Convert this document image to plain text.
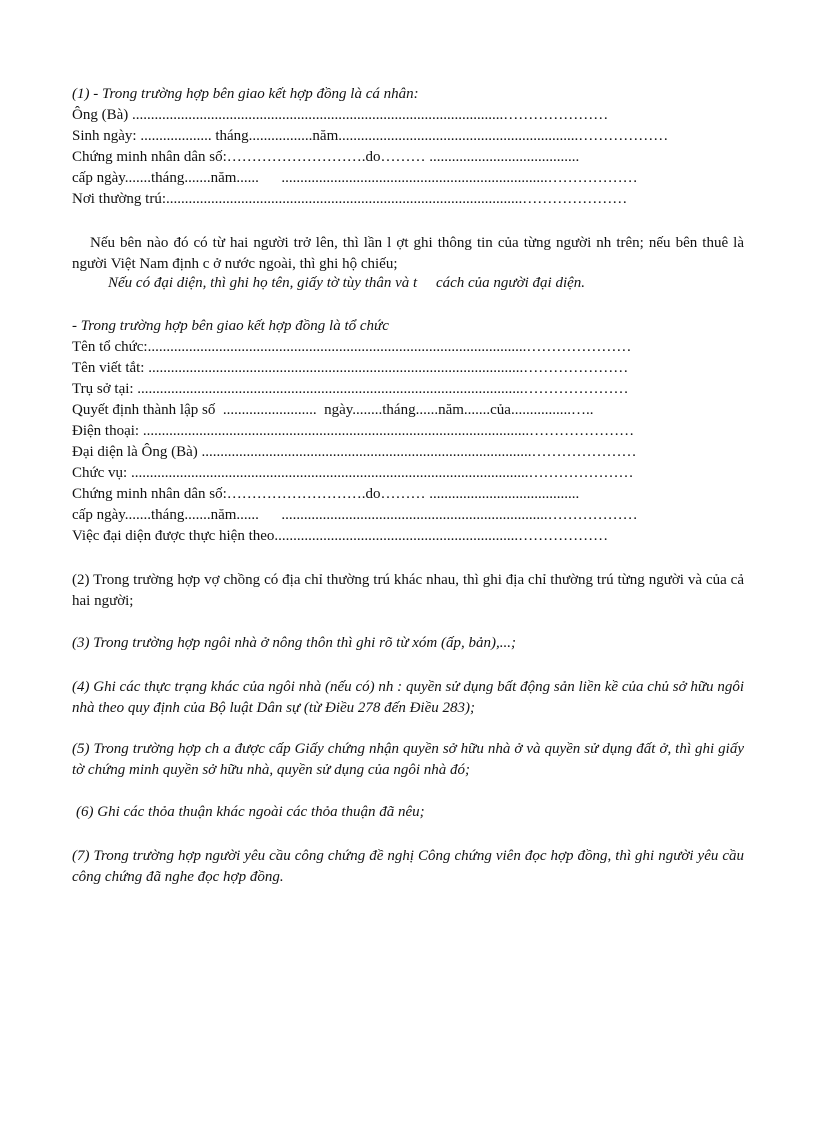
(1) - Trong trường hợp bên giao kết hợp đồng là cá nhân:
Ông (Bà) ...................................................................................................…………………
Sinh ngày: ................... tháng.................năm................................................................………………
Chứng minh nhân dân số:……………………….do……… ........................................
cấp ngày.......tháng.......năm......      .......................................................................………………
Nơi thường trú:...............................................................................................…………………
Nếu bên nào đó có từ hai người trở lên, thì lần l ợt ghi thông tin của từng người nh trên; nếu bên thuê là người Việt Nam định c ở nước ngoài, thì ghi hộ chiếu;
Nếu có đại diện, thì ghi họ tên, giấy tờ tùy thân và t     cách của người đại diện.
- Trong trường hợp bên giao kết hợp đồng là tổ chức
Tên tổ chức:.....................................................................................................…………………
Tên viết tắt: ....................................................................................................…………………
Trụ sở tại: .......................................................................................................…………………
Quyết định thành lập số  .........................  ngày........tháng......năm.......của................…..
Điện thoại: .......................................................................................................…………………
Đại diện là Ông (Bà) ........................................................................................…………………
Chức vụ: ..........................................................................................................…………………
Chứng minh nhân dân số:……………………….do……… ........................................
cấp ngày.......tháng.......năm......      .......................................................................………………
Việc đại diện được thực hiện theo.................................................................………………
(2) Trong trường hợp vợ chồng có địa chỉ thường trú khác nhau, thì ghi địa chỉ thường trú từng người và của cả hai người;
(3) Trong trường hợp ngôi nhà ở nông thôn thì ghi rõ từ xóm (ấp, bản),...;
(4) Ghi các thực trạng khác của ngôi nhà (nếu có) nh : quyền sử dụng bất động sản liền kề của chủ sở hữu ngôi nhà theo quy định của Bộ luật Dân sự (từ Điều 278 đến Điều 283);
(5) Trong trường hợp ch a được cấp Giấy chứng nhận quyền sở hữu nhà ở và quyền sử dụng đất ở, thì ghi giấy tờ chứng minh quyền sở hữu nhà, quyền sử dụng của ngôi nhà đó;
(6) Ghi các thỏa thuận khác ngoài các thỏa thuận đã nêu;
(7) Trong trường hợp người yêu cầu công chứng đề nghị Công chứng viên đọc hợp đồng, thì ghi người yêu cầu công chứng đã nghe đọc hợp đồng.
